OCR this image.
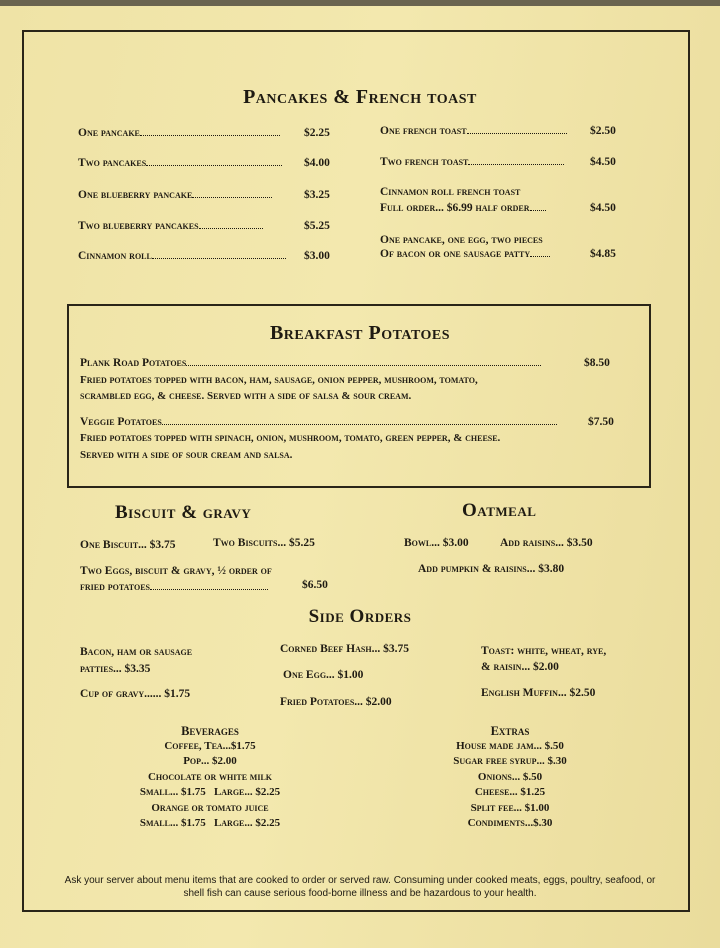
Pancakes & French toast
One pancake	$2.25
Two pancakes	$4.00
One blueberry pancake	$3.25
Two blueberry pancakes	$5.25
Cinnamon roll	$3.00
One french toast	$2.50
Two french toast	$4.50
Cinnamon roll french toast
Full order... $6.99 half order	$4.50
One pancake, one egg, two pieces
Of bacon or one sausage patty	$4.85
Breakfast Potatoes
Plank Road Potatoes	$8.50
Fried potatoes topped with bacon, ham, sausage, onion pepper, mushroom, tomato,
scrambled egg, & cheese. Served with a side of salsa & sour cream.
Veggie Potatoes	$7.50
Fried potatoes topped with spinach, onion, mushroom, tomato, green pepper, & cheese.
Served with a side of sour cream and salsa.
Biscuit & gravy
One Biscuit... $3.75	Two Biscuits... $5.25
Two Eggs, biscuit & gravy, ½ order of
fried potatoes	$6.50
Oatmeal
Bowl... $3.00	Add raisins... $3.50
Add pumpkin & raisins... $3.80
Side Orders
Bacon, ham or sausage
patties... $3.35
Cup of gravy...... $1.75
Corned Beef Hash... $3.75
One Egg... $1.00
Fried Potatoes... $2.00
Toast: white, wheat, rye,
& raisin... $2.00
English Muffin... $2.50
Beverages
Coffee, Tea...$1.75
Pop... $2.00
Chocolate or white milk
Small... $1.75   Large... $2.25
Orange or tomato juice
Small... $1.75   Large... $2.25
Extras
House made jam... $.50
Sugar free syrup... $.30
Onions... $.50
Cheese... $1.25
Split fee... $1.00
Condiments...$.30
Ask your server about menu items that are cooked to order or served raw. Consuming under cooked meats, eggs, poultry, seafood, or shell fish can cause serious food-borne illness and be hazardous to your health.
